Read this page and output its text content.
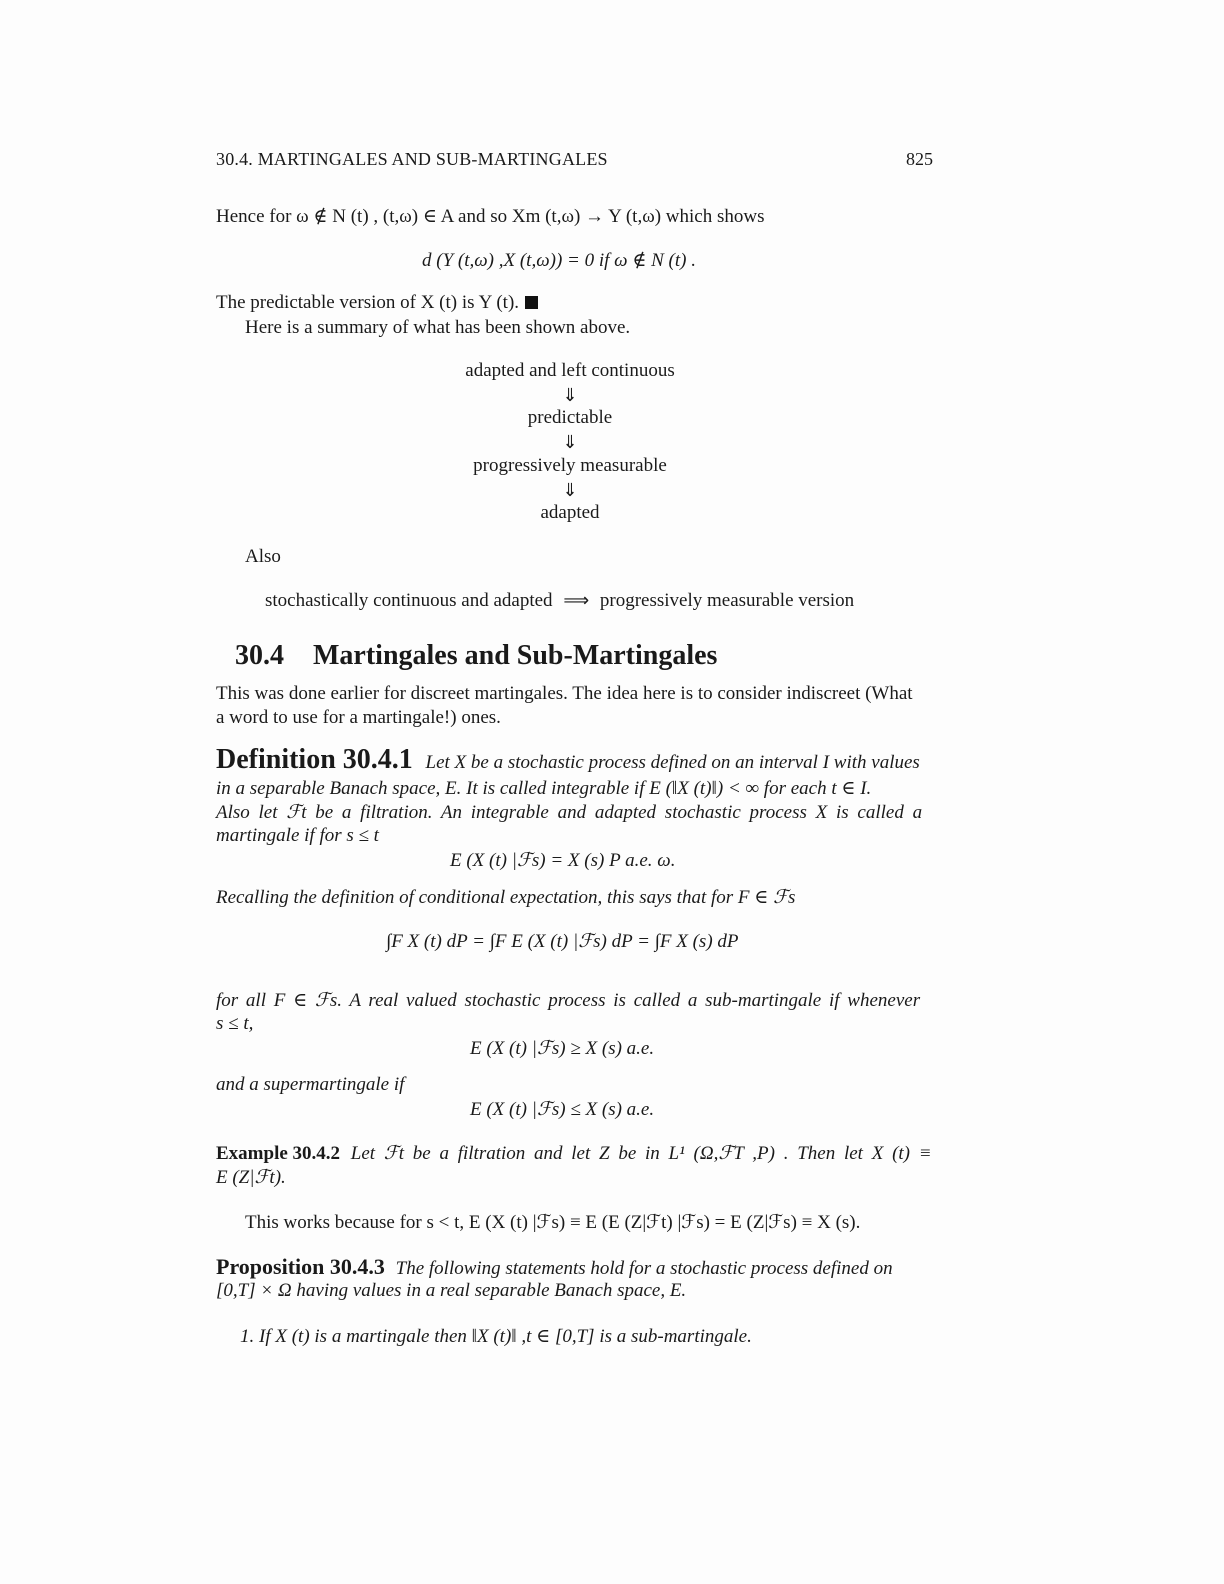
30.4. MARTINGALES AND SUB-MARTINGALES	825
Hence for ω ∉ N (t) , (t,ω) ∈ A and so Xm (t,ω) → Y (t,ω) which shows
d (Y (t,ω) ,X (t,ω)) = 0 if ω ∉ N (t) .
The predictable version of X (t) is Y (t).
Here is a summary of what has been shown above.
adapted and left continuous
⇓
predictable
⇓
progressively measurable
⇓
adapted
Also
stochastically continuous and adapted ⟹ progressively measurable version
30.4 Martingales and Sub-Martingales
This was done earlier for discreet martingales. The idea here is to consider indiscreet (What
a word to use for a martingale!) ones.
Definition 30.4.1 Let X be a stochastic process defined on an interval I with values
in a separable Banach space, E. It is called integrable if E (‖X (t)‖) < ∞ for each t ∈ I.
Also let ℱt be a filtration. An integrable and adapted stochastic process X is called a
martingale if for s ≤ t
E (X (t) |ℱs) = X (s) P a.e. ω.
Recalling the definition of conditional expectation, this says that for F ∈ ℱs
∫F X (t) dP = ∫F E (X (t) |ℱs) dP = ∫F X (s) dP
for all F ∈ ℱs. A real valued stochastic process is called a sub-martingale if whenever
s ≤ t,
E (X (t) |ℱs) ≥ X (s) a.e.
and a supermartingale if
E (X (t) |ℱs) ≤ X (s) a.e.
Example 30.4.2 Let ℱt be a filtration and let Z be in L¹ (Ω,ℱT ,P) . Then let X (t) ≡
E (Z|ℱt).
This works because for s < t, E (X (t) |ℱs) ≡ E (E (Z|ℱt) |ℱs) = E (Z|ℱs) ≡ X (s).
Proposition 30.4.3 The following statements hold for a stochastic process defined on
[0,T] × Ω having values in a real separable Banach space, E.
1. If X (t) is a martingale then ‖X (t)‖ ,t ∈ [0,T] is a sub-martingale.
